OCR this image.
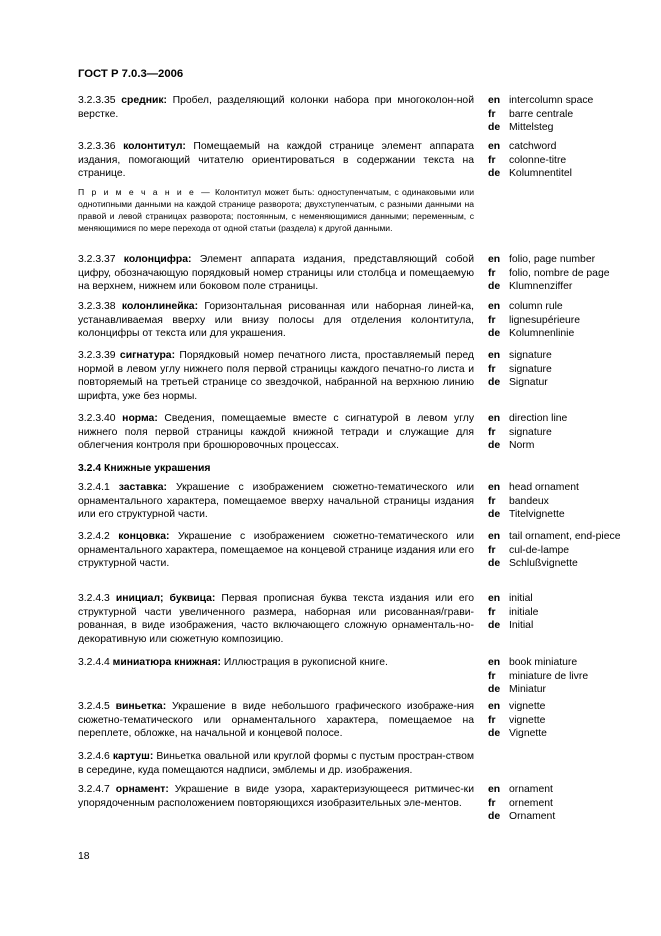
ГОСТ Р 7.0.3—2006
3.2.3.35 средник: Пробел, разделяющий колонки набора при многоколон-ной верстке.
en intercolumn space
fr	barre centrale
de Mittelsteg
3.2.3.36 колонтитул: Помещаемый на каждой странице элемент аппарата издания, помогающий читателю ориентироваться в содержании текста на странице.
en catchword
fr	colonne-titre
de Kolumnentitel
П р и м е ч а н и е — Колонтитул может быть: одноступенчатым, с одинаковыми или однотипными данными на каждой странице разворота; двухступенчатым, с разными данными на правой и левой страницах разворота; постоянным, с неменяющимися данными; переменным, с меняющимися по мере перехода от одной статьи (раздела) к другой данными.
3.2.3.37 колонцифра: Элемент аппарата издания, представляющий собой цифру, обозначающую порядковый номер страницы или столбца и помещаемую на верхнем, нижнем или боковом поле страницы.
en folio, page number
fr	folio, nombre de page
de Klumnenziffer
3.2.3.38 колонлинейка: Горизонтальная рисованная или наборная линей-ка, устанавливаемая вверху или внизу полосы для отделения колонтитула, колонцифры от текста или для украшения.
en column rule
fr	lignesupérieure
de Kolumnenlinie
3.2.3.39 сигнатура: Порядковый номер печатного листа, проставляемый перед нормой в левом углу нижнего поля первой страницы каждого печатно-го листа и повторяемый на третьей странице со звездочкой, набранной на верхнюю линию шрифта, уже без нормы.
en signature
fr	signature
de Signatur
3.2.3.40 норма: Сведения, помещаемые вместе с сигнатурой в левом углу нижнего поля первой страницы каждой книжной тетради и служащие для облегчения контроля при брошюровочных процессах.
en direction line
fr	signature
de Norm
3.2.4 Книжные украшения
3.2.4.1 заставка: Украшение с изображением сюжетно-тематического или орнаментального характера, помещаемое вверху начальной страницы издания или его структурной части.
en head ornament
fr	bandeux
de Titelvignette
3.2.4.2 концовка: Украшение с изображением сюжетно-тематического или орнаментального характера, помещаемое на концевой странице издания или его структурной части.
en tail ornament, end-piece
fr	cul-de-lampe
de Schlußvignette
3.2.4.3 инициал; буквица: Первая прописная буква текста издания или его структурной части увеличенного размера, наборная или рисованная/грави-рованная, в виде изображения, часто включающего сложную орнаменталь-но-декоративную или сюжетную композицию.
en initial
fr	initiale
de Initial
3.2.4.4 миниатюра книжная: Иллюстрация в рукописной книге.	en book miniature
fr	miniature de livre
de Miniatur
3.2.4.5 виньетка: Украшение в виде небольшого графического изображе-ния сюжетно-тематического или орнаментального характера, помещаемое на переплете, обложке, на начальной и концевой полосе.
en vignette
fr	vignette
de Vignette
3.2.4.6 картуш: Виньетка овальной или круглой формы с пустым простран-ством в середине, куда помещаются надписи, эмблемы и др. изображения.
3.2.4.7 орнамент: Украшение в виде узора, характеризующееся ритмичес-ки упорядоченным расположением повторяющихся изобразительных эле-ментов.
en ornament
fr	ornement
de Ornament
18
